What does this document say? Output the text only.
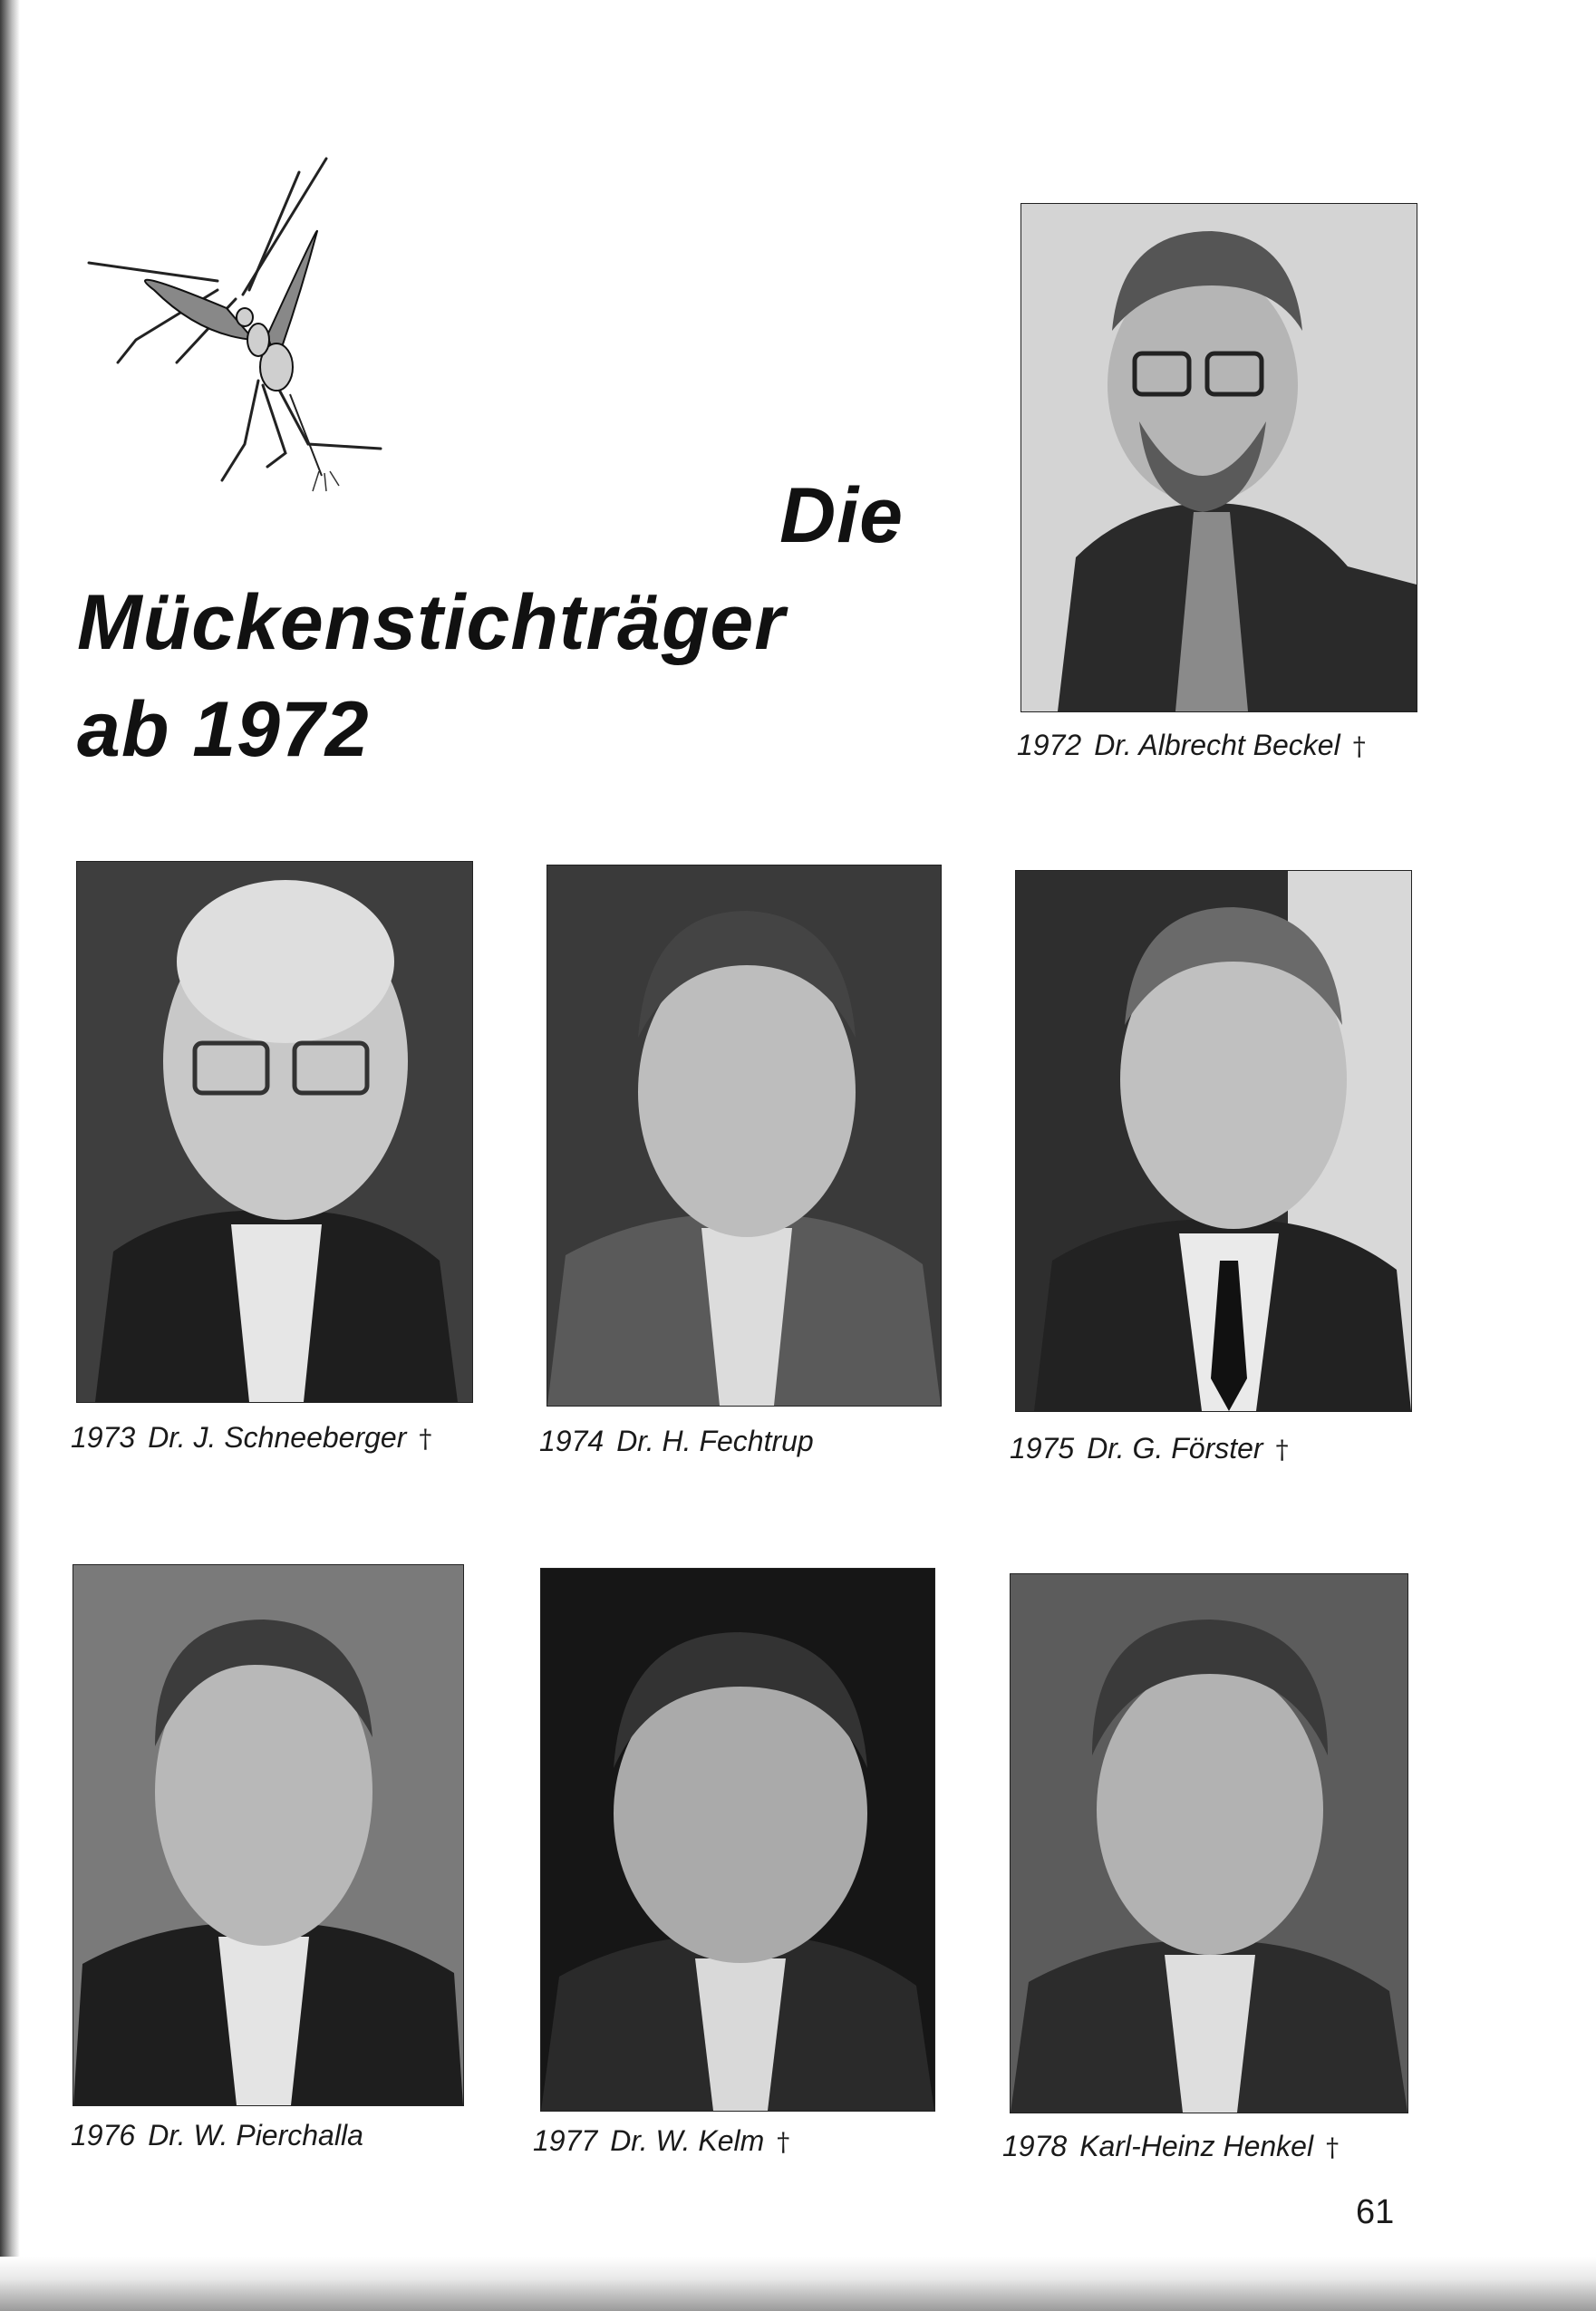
Die
Mückenstichträger
ab 1972	1972 Dr. Albrecht Beckel †
1973 Dr. J. Schneeberger †	1974 Dr. H. Fechtrup	1975 Dr. G. Förster †
1976 Dr. W. Pierchalla	1977 Dr. W. Kelm †	1978 Karl-Heinz Henkel †
61
